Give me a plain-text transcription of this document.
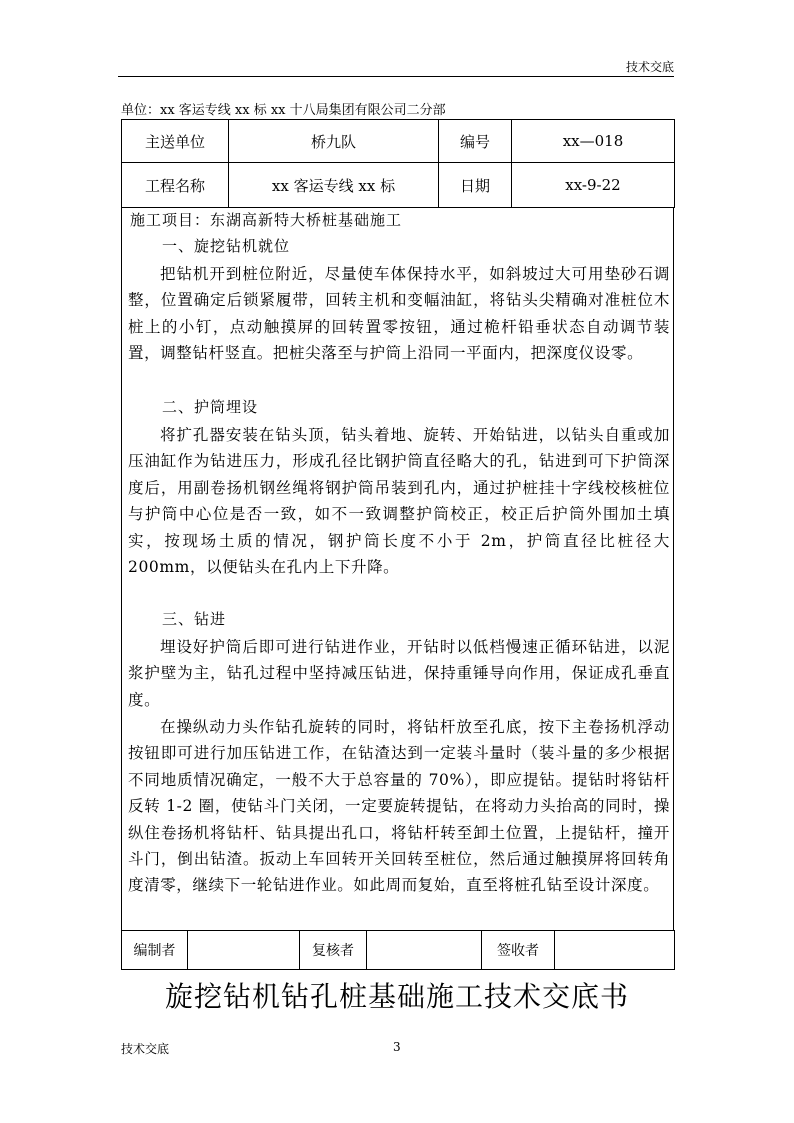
技术交底
单位：xx 客运专线 xx 标 xx 十八局集团有限公司二分部
主送单位	桥九队	编号	xx—018
工程名称	xx 客运专线 xx 标	日期	xx-9-22
施工项目：东湖高新特大桥桩基础施工
一、旋挖钻机就位

把钻机开到桩位附近，尽量使车体保持水平，如斜坡过大可用垫砂石调整，位置确定后锁紧履带，回转主机和变幅油缸，将钻头尖精确对准桩位木桩上的小钉，点动触摸屏的回转置零按钮，通过桅杆铅垂状态自动调节装置，调整钻杆竖直。把桩尖落至与护筒上沿同一平面内，把深度仪设零。

二、护筒埋设

将扩孔器安装在钻头顶，钻头着地、旋转、开始钻进，以钻头自重或加压油缸作为钻进压力，形成孔径比钢护筒直径略大的孔，钻进到可下护筒深度后，用副卷扬机钢丝绳将钢护筒吊装到孔内，通过护桩挂十字线校核桩位与护筒中心位是否一致，如不一致调整护筒校正，校正后护筒外围加土填实，按现场土质的情况，钢护筒长度不小于 2m，护筒直径比桩径大 200mm，以便钻头在孔内上下升降。

三、钻进

埋设好护筒后即可进行钻进作业，开钻时以低档慢速正循环钻进，以泥浆护壁为主，钻孔过程中坚持减压钻进，保持重锤导向作用，保证成孔垂直度。

在操纵动力头作钻孔旋转的同时，将钻杆放至孔底，按下主卷扬机浮动按钮即可进行加压钻进工作，在钻渣达到一定装斗量时（装斗量的多少根据不同地质情况确定，一般不大于总容量的 70%），即应提钻。提钻时将钻杆反转 1-2 圈，使钻斗门关闭，一定要旋转提钻，在将动力头抬高的同时，操纵住卷扬机将钻杆、钻具提出孔口，将钻杆转至卸土位置，上提钻杆，撞开斗门，倒出钻渣。扳动上车回转开关回转至桩位，然后通过触摸屏将回转角度清零，继续下一轮钻进作业。如此周而复始，直至将桩孔钻至设计深度。

编制者		复核者		签收者	
旋挖钻机钻孔桩基础施工技术交底书
技术交底	3
